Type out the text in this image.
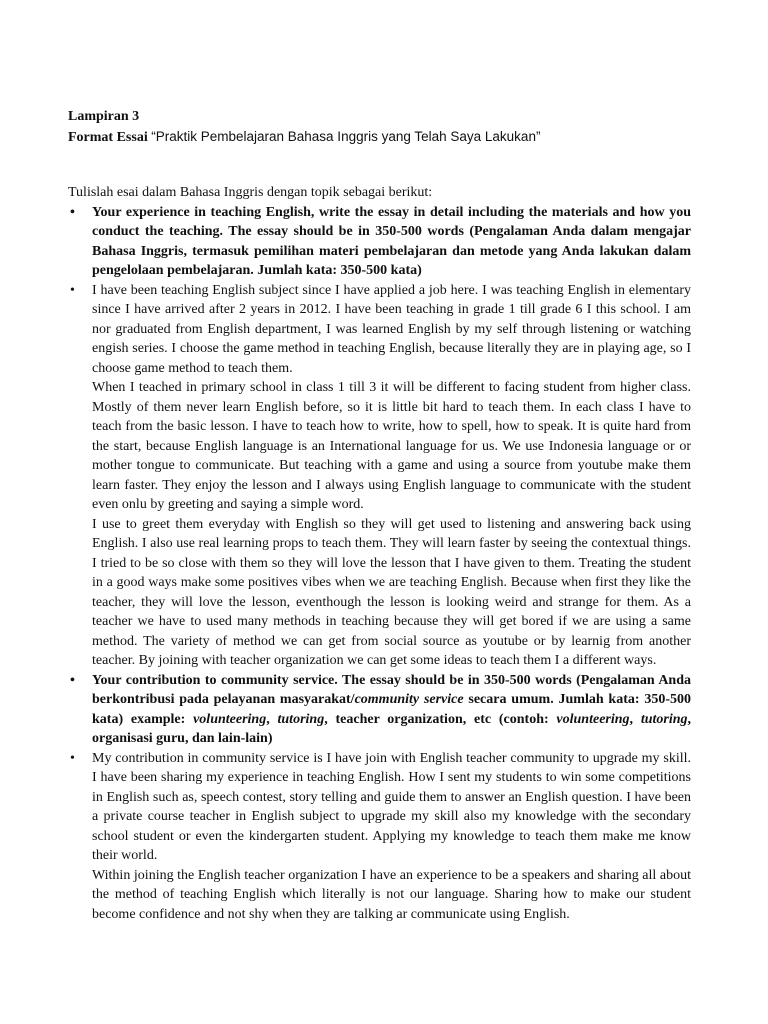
Lampiran 3

Format Essai “Praktik Pembelajaran Bahasa Inggris yang Telah Saya Lakukan”

Tulislah esai dalam Bahasa Inggris dengan topik sebagai berikut:

• Your experience in teaching English, write the essay in detail including the materials and how you conduct the teaching. The essay should be in 350-500 words (Pengalaman Anda dalam mengajar Bahasa Inggris, termasuk pemilihan materi pembelajaran dan metode yang Anda lakukan dalam pengelolaan pembelajaran. Jumlah kata: 350-500 kata)

• I have been teaching English subject since I have applied a job here. I was teaching English in elementary since I have arrived after 2 years in 2012. I have been teaching in grade 1 till grade 6 I this school. I am nor graduated from English department, I was learned English by my self through listening or watching engish series. I choose the game method in teaching English, because literally they are in playing age, so I choose game method to teach them.

When I teached in primary school in class 1 till 3 it will be different to facing student from higher class. Mostly of them never learn English before, so it is little bit hard to teach them. In each class I have to teach from the basic lesson. I have to teach how to write, how to spell, how to speak. It is quite hard from the start, because English language is an International language for us. We use Indonesia language or or mother tongue to communicate. But teaching with a game and using a source from youtube make them learn faster. They enjoy the lesson and I always using English language to communicate with the student even onlu by greeting and saying a simple word.

I use to greet them everyday with English so they will get used to listening and answering back using English. I also use real learning props to teach them. They will learn faster by seeing the contextual things. I tried to be so close with them so they will love the lesson that I have given to them. Treating the student in a good ways make some positives vibes when we are teaching English. Because when first they like the teacher, they will love the lesson, eventhough the lesson is looking weird and strange for them. As a teacher we have to used many methods in teaching because they will get bored if we are using a same method. The variety of method we can get from social source as youtube or by learnig from another teacher. By joining with teacher organization we can get some ideas to teach them I a different ways.

• Your contribution to community service. The essay should be in 350-500 words (Pengalaman Anda berkontribusi pada pelayanan masyarakat/community service secara umum. Jumlah kata: 350-500 kata) example: volunteering, tutoring, teacher organization, etc (contoh: volunteering, tutoring, organisasi guru, dan lain-lain)

• My contribution in community service is I have join with English teacher community to upgrade my skill. I have been sharing my experience in teaching English. How I sent my students to win some competitions in English such as, speech contest, story telling and guide them to answer an English question. I have been a private course teacher in English subject to upgrade my skill also my knowledge with the secondary school student or even the kindergarten student. Applying my knowledge to teach them make me know their world.

Within joining the English teacher organization I have an experience to be a speakers and sharing all about the method of teaching English which literally is not our language. Sharing how to make our student become confidence and not shy when they are talking ar communicate using English.
